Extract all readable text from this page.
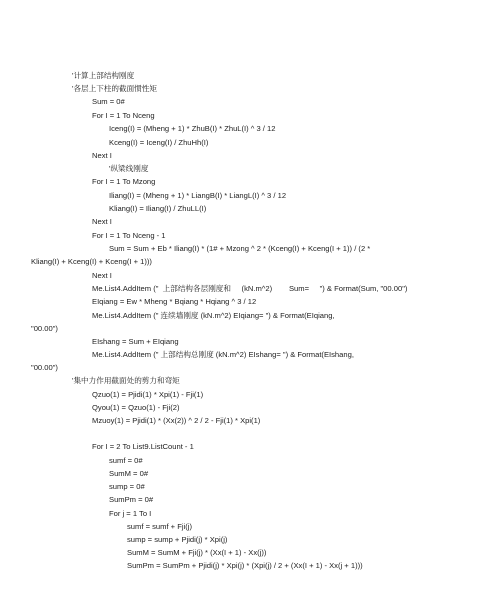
'计算上部结构刚度
'各层上下柱的截面惯性矩
Sum = 0#
For I = 1 To Nceng
Iceng(I) = (Mheng + 1) * ZhuB(I) * ZhuL(I) ^ 3 / 12
Kceng(I) = Iceng(I) / ZhuHh(I)
Next I
'纵梁线刚度
For I = 1 To Mzong
Iliang(I) = (Mheng + 1) * LiangB(I) * LiangL(I) ^ 3 / 12
Kliang(I) = Iliang(I) / ZhuLL(I)
Next I
For I = 1 To Nceng - 1
Sum = Sum + Eb * Iliang(I) * (1# + Mzong ^ 2 * (Kceng(I) + Kceng(I + 1)) / (2 *
Kliang(I) + Kceng(I) + Kceng(I + 1)))
Next I
Me.List4.AddItem ("  上部结构各层刚度和     (kN.m^2)        Sum=     ") & Format(Sum, "00.00")
EIqiang = Ew * Mheng * Bqiang * Hqiang ^ 3 / 12
Me.List4.AddItem (" 连续墙刚度 (kN.m^2) EIqiang= ") & Format(EIqiang,
"00.00")
EIshang = Sum + EIqiang
Me.List4.AddItem (" 上部结构总刚度 (kN.m^2) EIshang= ") & Format(EIshang,
"00.00")
'集中力作用截面处的剪力和弯矩
Qzuo(1) = Pjidi(1) * Xpi(1) - Fji(1)
Qyou(1) = Qzuo(1) - Fji(2)
Mzuoy(1) = Pjidi(1) * (Xx(2)) ^ 2 / 2 - Fji(1) * Xpi(1)
For I = 2 To List9.ListCount - 1
sumf = 0#
SumM = 0#
sump = 0#
SumPm = 0#
For j = 1 To I
sumf = sumf + Fji(j)
sump = sump + Pjidi(j) * Xpi(j)
SumM = SumM + Fji(j) * (Xx(I + 1) - Xx(j))
SumPm = SumPm + Pjidi(j) * Xpi(j) * (Xpi(j) / 2 + (Xx(I + 1) - Xx(j + 1)))
